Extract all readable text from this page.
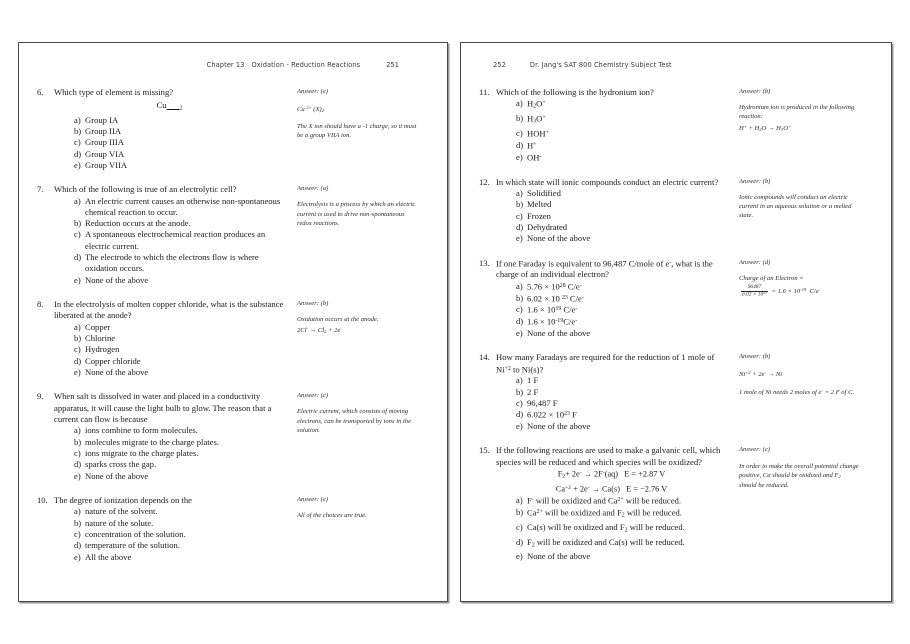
Chapter 13 Oxidation - Reduction Reactions	251
6.	Which type of element is missing?
Cu $_2$
a) Group IA
b) Group IIA
c) Group IIIA
d) Group VIA
e) Group VIIA
Answer: (e)
Cu $^{2+}$ $(X)_2$
The X ion should have a -1 charge, so it must be a group VIIA ion.
7.	Which of the following is true of an electrolytic cell?
a) An electric current causes an otherwise non-spontaneous chemical reaction to occur.
b) Reduction occurs at the anode.
c) A spontaneous electrochemical reaction produces an electric current.
d) The electrode to which the electrons flow is where oxidation occurs.
e) None of the above
Answer: (a)
Electrolysis is a process by which an electric current is used to drive non-spontaneous redox reactions.
8.	In the electrolysis of molten copper chloride, what is the substance liberated at the anode?
a) Copper
b) Chlorine
c) Hydrogen
d) Copper chloride
e) None of the above
Answer: (b)
Oxidation occurs at the anode.
$2Cl^- \to Cl_2 + 2e^-$
9.	When salt is dissolved in water and placed in a conductivity apparatus, it will cause the light bulb to glow. The reason that a current can flow is because
a) ions combine to form molecules.
b) molecules migrate to the charge plates.
c) ions migrate to the charge plates.
d) sparks cross the gap.
e) None of the above
Answer: (c)
Electric current, which consists of moving electrons, can be transported by ions in the solution.
10. The degree of ionization depends on the
a) nature of the solvent.
b) nature of the solute.
c) concentration of the solution.
d) temperature of the solution.
e) All the above
Answer: (e)
All of the choices are true.
252	Dr. Jang's SAT 800 Chemistry Subject Test
11. Which of the following is the hydronium ion?
a) $H_2O^+$
b) $H_3O^+$
c) HOH+
d) H+
e) OH-
Answer: (b)
Hydronium ion is produced in the following reaction:
$H^+ + H_2O \to H_3O^+$
12. In which state will ionic compounds conduct an electric current?
a) Solidified
b) Melted
c) Frozen
d) Dehydrated
e) None of the above
Answer: (b)
Ionic compounds will conduct an electric current in an aqueous solution or a melted state.
13. If one Faraday is equivalent to 96,487 C/mole of e-, what is the charge of an individual electron?
a) $5.76 \times 10^{28}$ C/e-
b) 6.02 × 10 $^{23}$ C/e-
c) $1.6 \times 10^{19}$ C/e-
d) $1.6 \times 10^{-19}C/e^-$
e) None of the above
Answer: (d)
Charge of an Electron =
$\frac{96487}{6.02 \times 10^{23}} = 1.6 \times 10^{-19}$  C/e-
14. How many Faradays are required for the reduction of 1 mole of $Ni^{+2}$ to Ni(s)?
a) 1 F
b) 2 F
c) 96,487 F
d) $6.022 \times 10^{23}$ F
e) None of the above
Answer: (b)
$Ni^{+2} + 2e^- \to Ni$
1 mole of Ni needs 2 moles of e- = 2 F of C.
15. If the following reactions are used to make a galvanic cell, which species will be reduced and which species will be oxidized?
$F_2+ 2e^- \to 2F^-(aq) E = +2.87$ V
$Ca^{+2} + 2e^- \to Ca(s) E = -2.76$ V
a) F- will be oxidized and $Ca^{2+}$ will be reduced.
b) $Ca^{2+}$ will be oxidized and $F_2$ will be reduced.
c) Ca(s) will be oxidized and $F_2$ will be reduced.
d) $F_2$ will be oxidized and Ca(s) will be reduced.
e) None of the above
Answer: (c)
In order to make the overall potential change positive, Ca should be oxidized and $F_2$ should be reduced.
